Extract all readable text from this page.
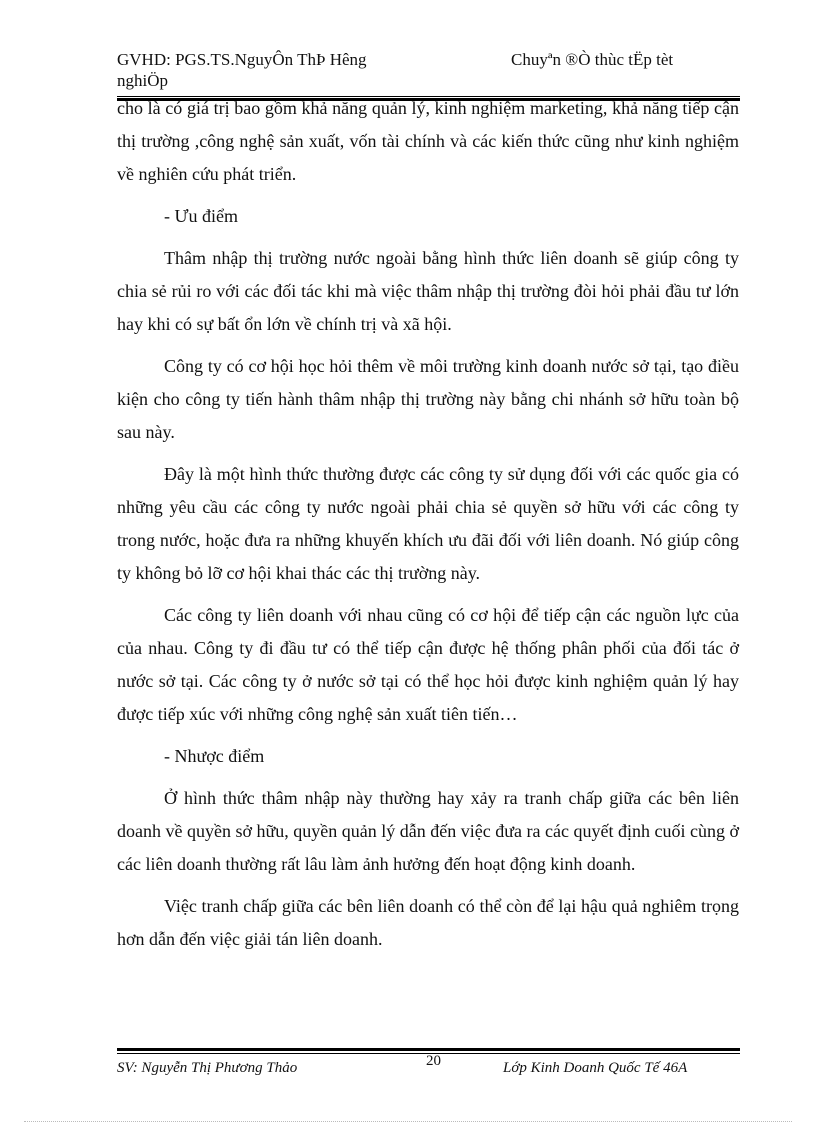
GVHD: PGS.TS.NguyÔn ThÞ Hêng nghiÖp
Chuyªn ®Ò thùc tËp tèt

cho là có giá trị bao gồm khả năng quản lý, kinh nghiệm marketing, khả năng tiếp cận thị trường ,công nghệ sản xuất, vốn tài chính và các kiến thức cũng như kinh nghiệm về nghiên cứu phát triển.

- Ưu điểm

Thâm nhập thị trường nước ngoài bằng hình thức liên doanh sẽ giúp công ty chia sẻ rủi ro với các đối tác khi mà việc thâm nhập thị trường đòi hỏi phải đầu tư lớn hay khi có sự bất ổn lớn về chính trị và xã hội.

Công ty có cơ hội học hỏi thêm về môi trường kinh doanh nước sở tại, tạo điều kiện cho công ty tiến hành thâm nhập thị trường này bằng chi nhánh sở hữu toàn bộ sau này.

Đây là một hình thức thường được các công ty sử dụng đối với các quốc gia có những yêu cầu các công ty nước ngoài phải chia sẻ quyền sở hữu với các công ty trong nước, hoặc đưa ra những khuyến khích ưu đãi đối với liên doanh. Nó giúp công ty không bỏ lỡ cơ hội khai thác các thị trường này.

Các công ty liên doanh với nhau cũng có cơ hội để tiếp cận các nguồn lực của của nhau. Công ty đi đầu tư có thể tiếp cận được hệ thống phân phối của đối tác ở nước sở tại. Các công ty ở nước sở tại có thể học hỏi được kinh nghiệm quản lý hay được tiếp xúc với những công nghệ sản xuất tiên tiến…

- Nhược điểm

Ở hình thức thâm nhập này thường hay xảy ra tranh chấp giữa các bên liên doanh về quyền sở hữu, quyền quản lý dẫn đến việc đưa ra các quyết định cuối cùng ở các liên doanh thường rất lâu làm ảnh hưởng đến hoạt động kinh doanh.

Việc tranh chấp giữa các bên liên doanh có thể còn để lại hậu quả nghiêm trọng hơn dẫn đến việc giải tán liên doanh.

SV: Nguyễn Thị Phương Thảo	20	Lớp Kinh Doanh Quốc Tế 46A
